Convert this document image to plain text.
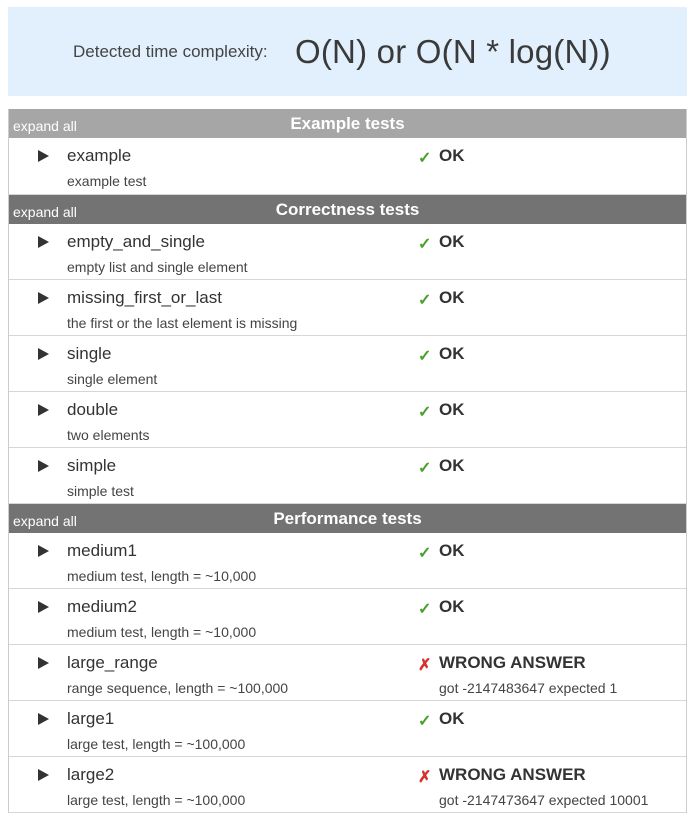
Detected time complexity: O(N) or O(N * log(N))
expand all	Example tests
example
example test
✓ OK
expand all	Correctness tests
empty_and_single
empty list and single element
✓ OK
missing_first_or_last
the first or the last element is missing
✓ OK
single
single element
✓ OK
double
two elements
✓ OK
simple
simple test
✓ OK
expand all	Performance tests
medium1
medium test, length = ~10,000
✓ OK
medium2
medium test, length = ~10,000
✓ OK
large_range
range sequence, length = ~100,000
✗ WRONG ANSWER
got -2147483647 expected 1
large1
large test, length = ~100,000
✓ OK
large2
large test, length = ~100,000
✗ WRONG ANSWER
got -2147473647 expected 10001
